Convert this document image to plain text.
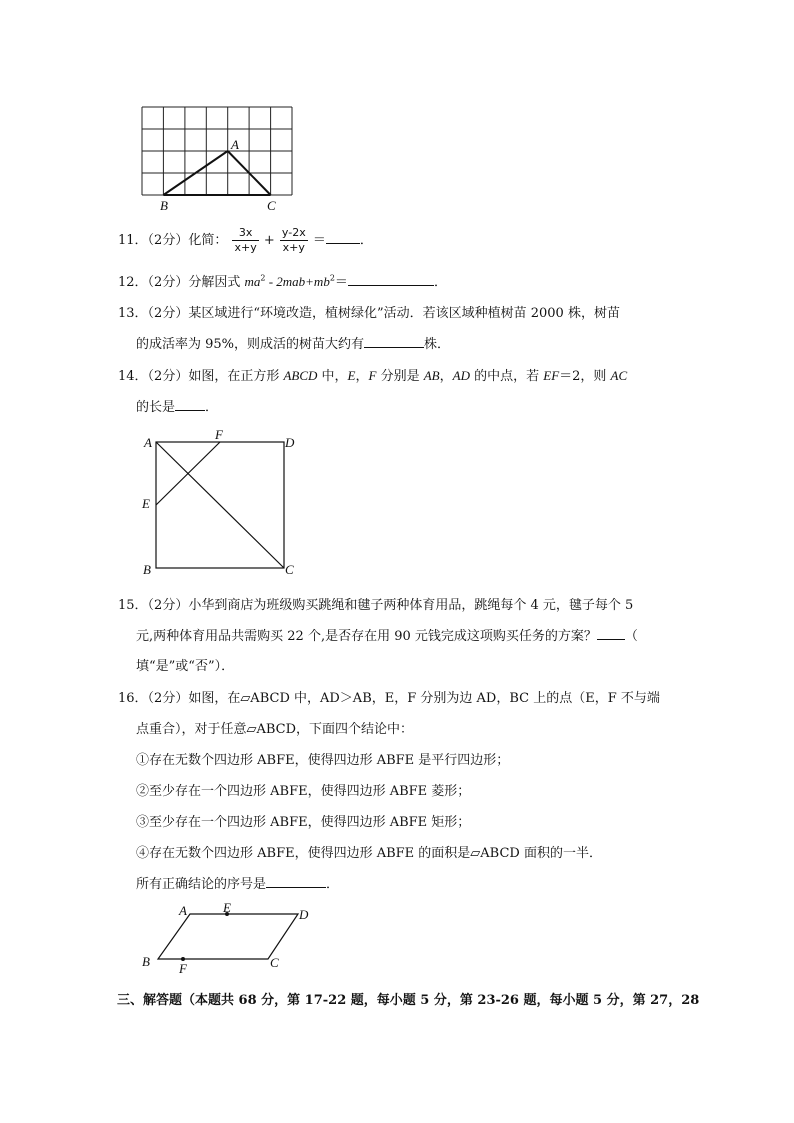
A
B	C
11．（2分）化简： $\frac{3x}{x+y} + \frac{y-2x}{x+y}$ ＝	．
12．（2分）分解因式 $ma^2 - 2mab+mb^2=$	．
13．（2分）某区域进行“环境改造，植树绿化”活动．若该区域种植树苗 2000 株，树苗
的成活率为 95%，则成活的树苗大约有	株．
14．（2分）如图，在正方形 ABCD 中，E，F 分别是 AB，AD 的中点，若 EF＝2，则 AC
的长是 ．
A
F
D
E
B	C
15．（2分）小华到商店为班级购买跳绳和毽子两种体育用品，跳绳每个 4 元，毽子每个 5
元,两种体育用品共需购买 22 个,是否存在用 90 元钱完成这项购买任务的方案？ （
填“是”或“否”）．
16．（2分）如图，在▱ABCD 中，AD＞AB，E，F 分别为边 AD，BC 上的点（E，F 不与端
点重合），对于任意▱ABCD，下面四个结论中：
①存在无数个四边形 ABFE，使得四边形 ABFE 是平行四边形；
②至少存在一个四边形 ABFE，使得四边形 ABFE 菱形；
③至少存在一个四边形 ABFE，使得四边形 ABFE 矩形；
④存在无数个四边形 ABFE，使得四边形 ABFE 的面积是▱ABCD 面积的一半．
所有正确结论的序号是	．
A	E	D
B F	C
三、解答题（本题共 68 分，第 17-22 题，每小题 5 分，第 23-26 题，每小题 5 分，第 27，28
